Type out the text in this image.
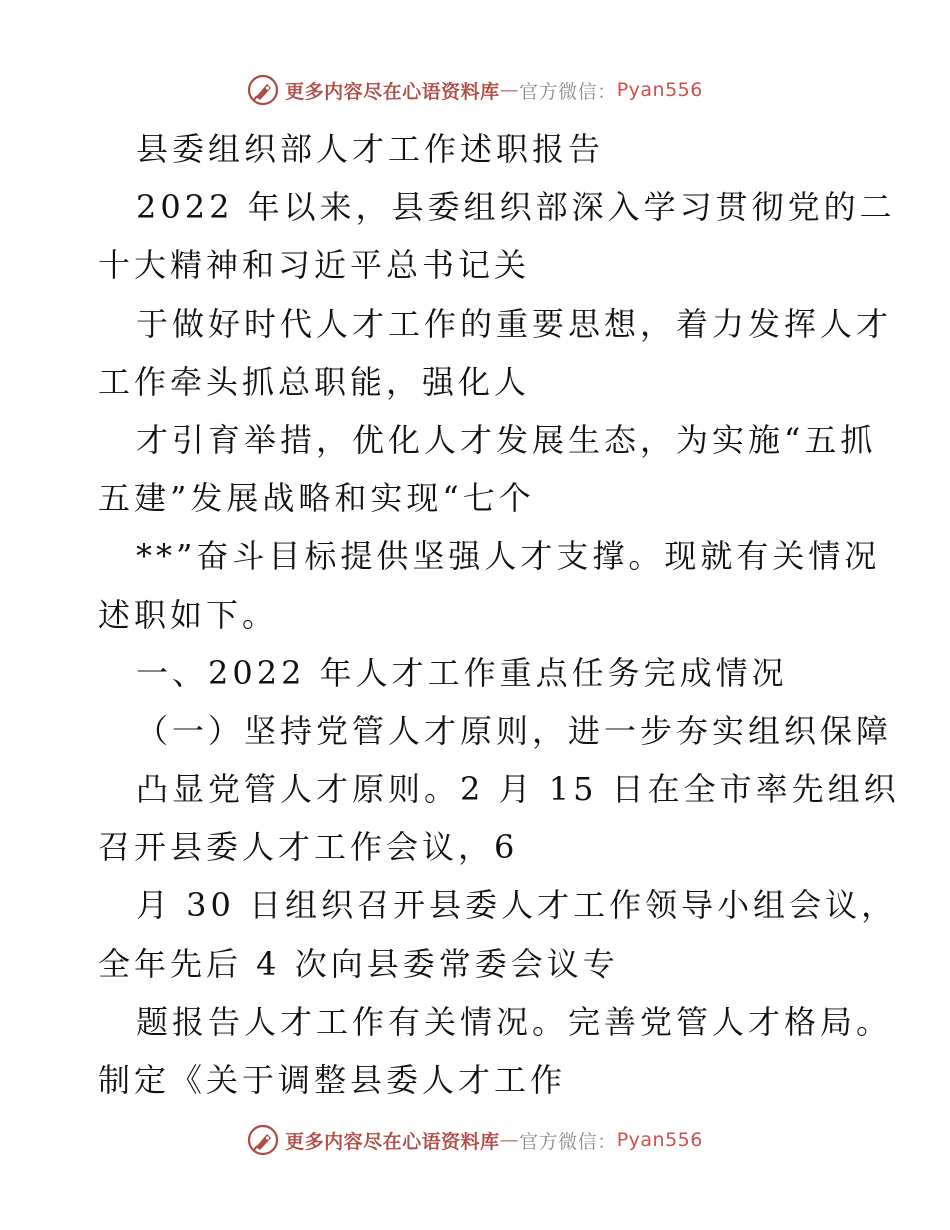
更多内容尽在心语资料库 — 官方微信： Pyan556
县委组织部人才工作述职报告
2022 年以来，县委组织部深入学习贯彻党的二
十大精神和习近平总书记关
于做好时代人才工作的重要思想，着力发挥人才
工作牵头抓总职能，强化人
才引育举措，优化人才发展生态，为实施“五抓
五建”发展战略和实现“七个
**”奋斗目标提供坚强人才支撑。现就有关情况
述职如下。
一、2022 年人才工作重点任务完成情况
（一）坚持党管人才原则，进一步夯实组织保障
凸显党管人才原则。2 月 15 日在全市率先组织
召开县委人才工作会议，6
月 30 日组织召开县委人才工作领导小组会议，
全年先后 4 次向县委常委会议专
题报告人才工作有关情况。完善党管人才格局。
制定《关于调整县委人才工作
更多内容尽在心语资料库 — 官方微信： Pyan556
